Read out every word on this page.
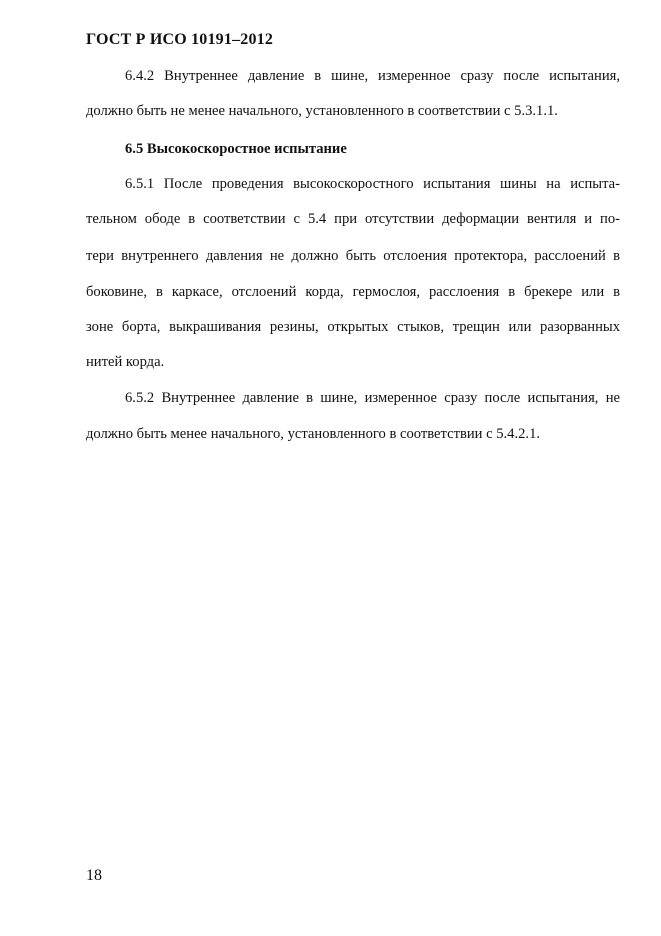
ГОСТ Р ИСО 10191–2012
6.4.2 Внутреннее давление в шине, измеренное сразу после испытания,
должно быть не менее начального, установленного в соответствии с 5.3.1.1.
6.5 Высокоскоростное испытание
6.5.1 После проведения высокоскоростного испытания шины на испыта-
тельном ободе в соответствии с 5.4 при отсутствии деформации вентиля и по-
тери внутреннего давления не должно быть отслоения протектора, расслоений в
боковине, в каркасе, отслоений корда, гермослоя, расслоения в брекере или в
зоне борта, выкрашивания резины, открытых стыков, трещин или разорванных
нитей корда.
6.5.2 Внутреннее давление в шине, измеренное сразу после испытания, не
должно быть менее начального, установленного в соответствии с 5.4.2.1.
18
